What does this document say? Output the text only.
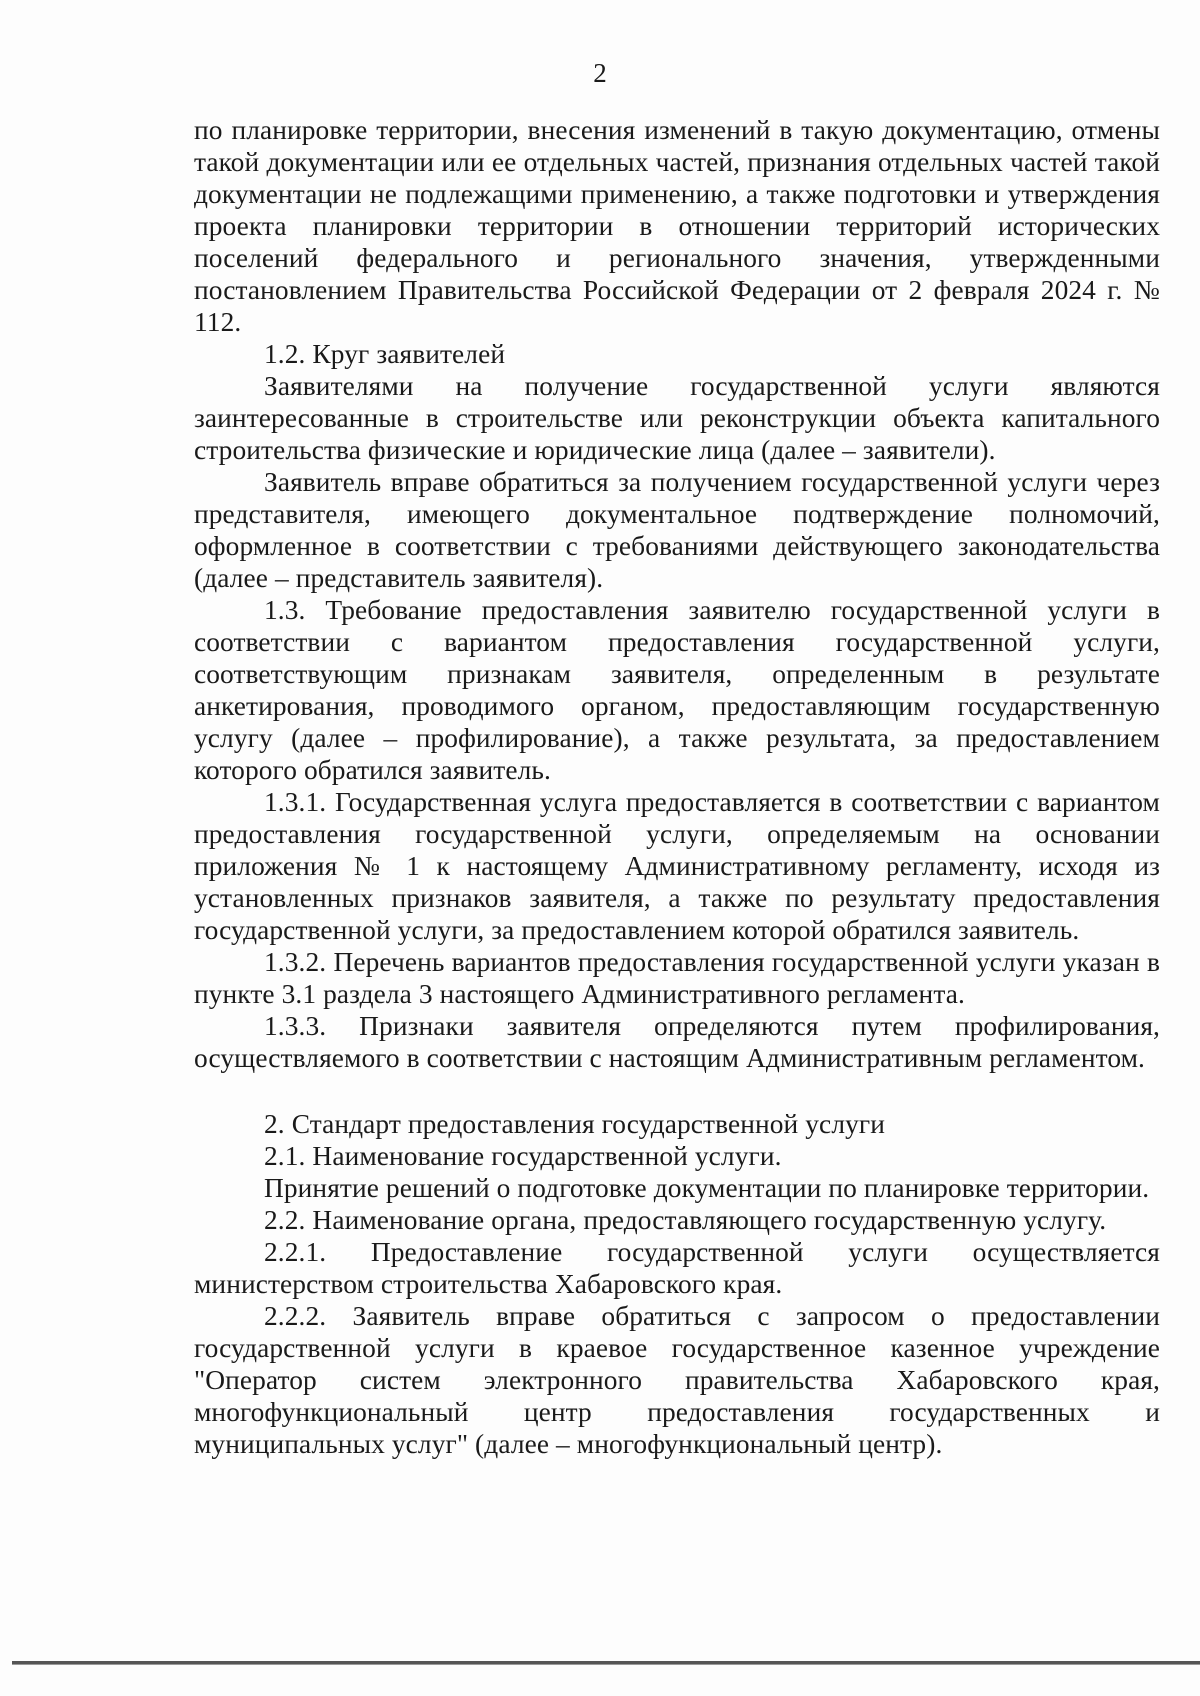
2

по планировке территории, внесения изменений в такую документацию, отмены такой документации или ее отдельных частей, признания отдельных частей такой документации не подлежащими применению, а также подготовки и утверждения проекта планировки территории в отношении территорий исторических поселений федерального и регионального значения, утвержденными постановлением Правительства Российской Федерации от 2 февраля 2024 г. № 112.

1.2. Круг заявителей

Заявителями на получение государственной услуги являются заинтересованные в строительстве или реконструкции объекта капитального строительства физические и юридические лица (далее – заявители).

Заявитель вправе обратиться за получением государственной услуги через представителя, имеющего документальное подтверждение полномочий, оформленное в соответствии с требованиями действующего законодательства (далее – представитель заявителя).

1.3. Требование предоставления заявителю государственной услуги в соответствии с вариантом предоставления государственной услуги, соответствующим признакам заявителя, определенным в результате анкетирования, проводимого органом, предоставляющим государственную услугу (далее – профилирование), а также результата, за предоставлением которого обратился заявитель.

1.3.1. Государственная услуга предоставляется в соответствии с вариантом предоставления государственной услуги, определяемым на основании приложения № 1 к настоящему Административному регламенту, исходя из установленных признаков заявителя, а также по результату предоставления государственной услуги, за предоставлением которой обратился заявитель.

1.3.2. Перечень вариантов предоставления государственной услуги указан в пункте 3.1 раздела 3 настоящего Административного регламента.

1.3.3. Признаки заявителя определяются путем профилирования, осуществляемого в соответствии с настоящим Административным регламентом.

2. Стандарт предоставления государственной услуги

2.1. Наименование государственной услуги.

Принятие решений о подготовке документации по планировке территории.

2.2. Наименование органа, предоставляющего государственную услугу.

2.2.1. Предоставление государственной услуги осуществляется министерством строительства Хабаровского края.

2.2.2. Заявитель вправе обратиться с запросом о предоставлении государственной услуги в краевое государственное казенное учреждение "Оператор систем электронного правительства Хабаровского края, многофункциональный центр предоставления государственных и муниципальных услуг" (далее – многофункциональный центр).
